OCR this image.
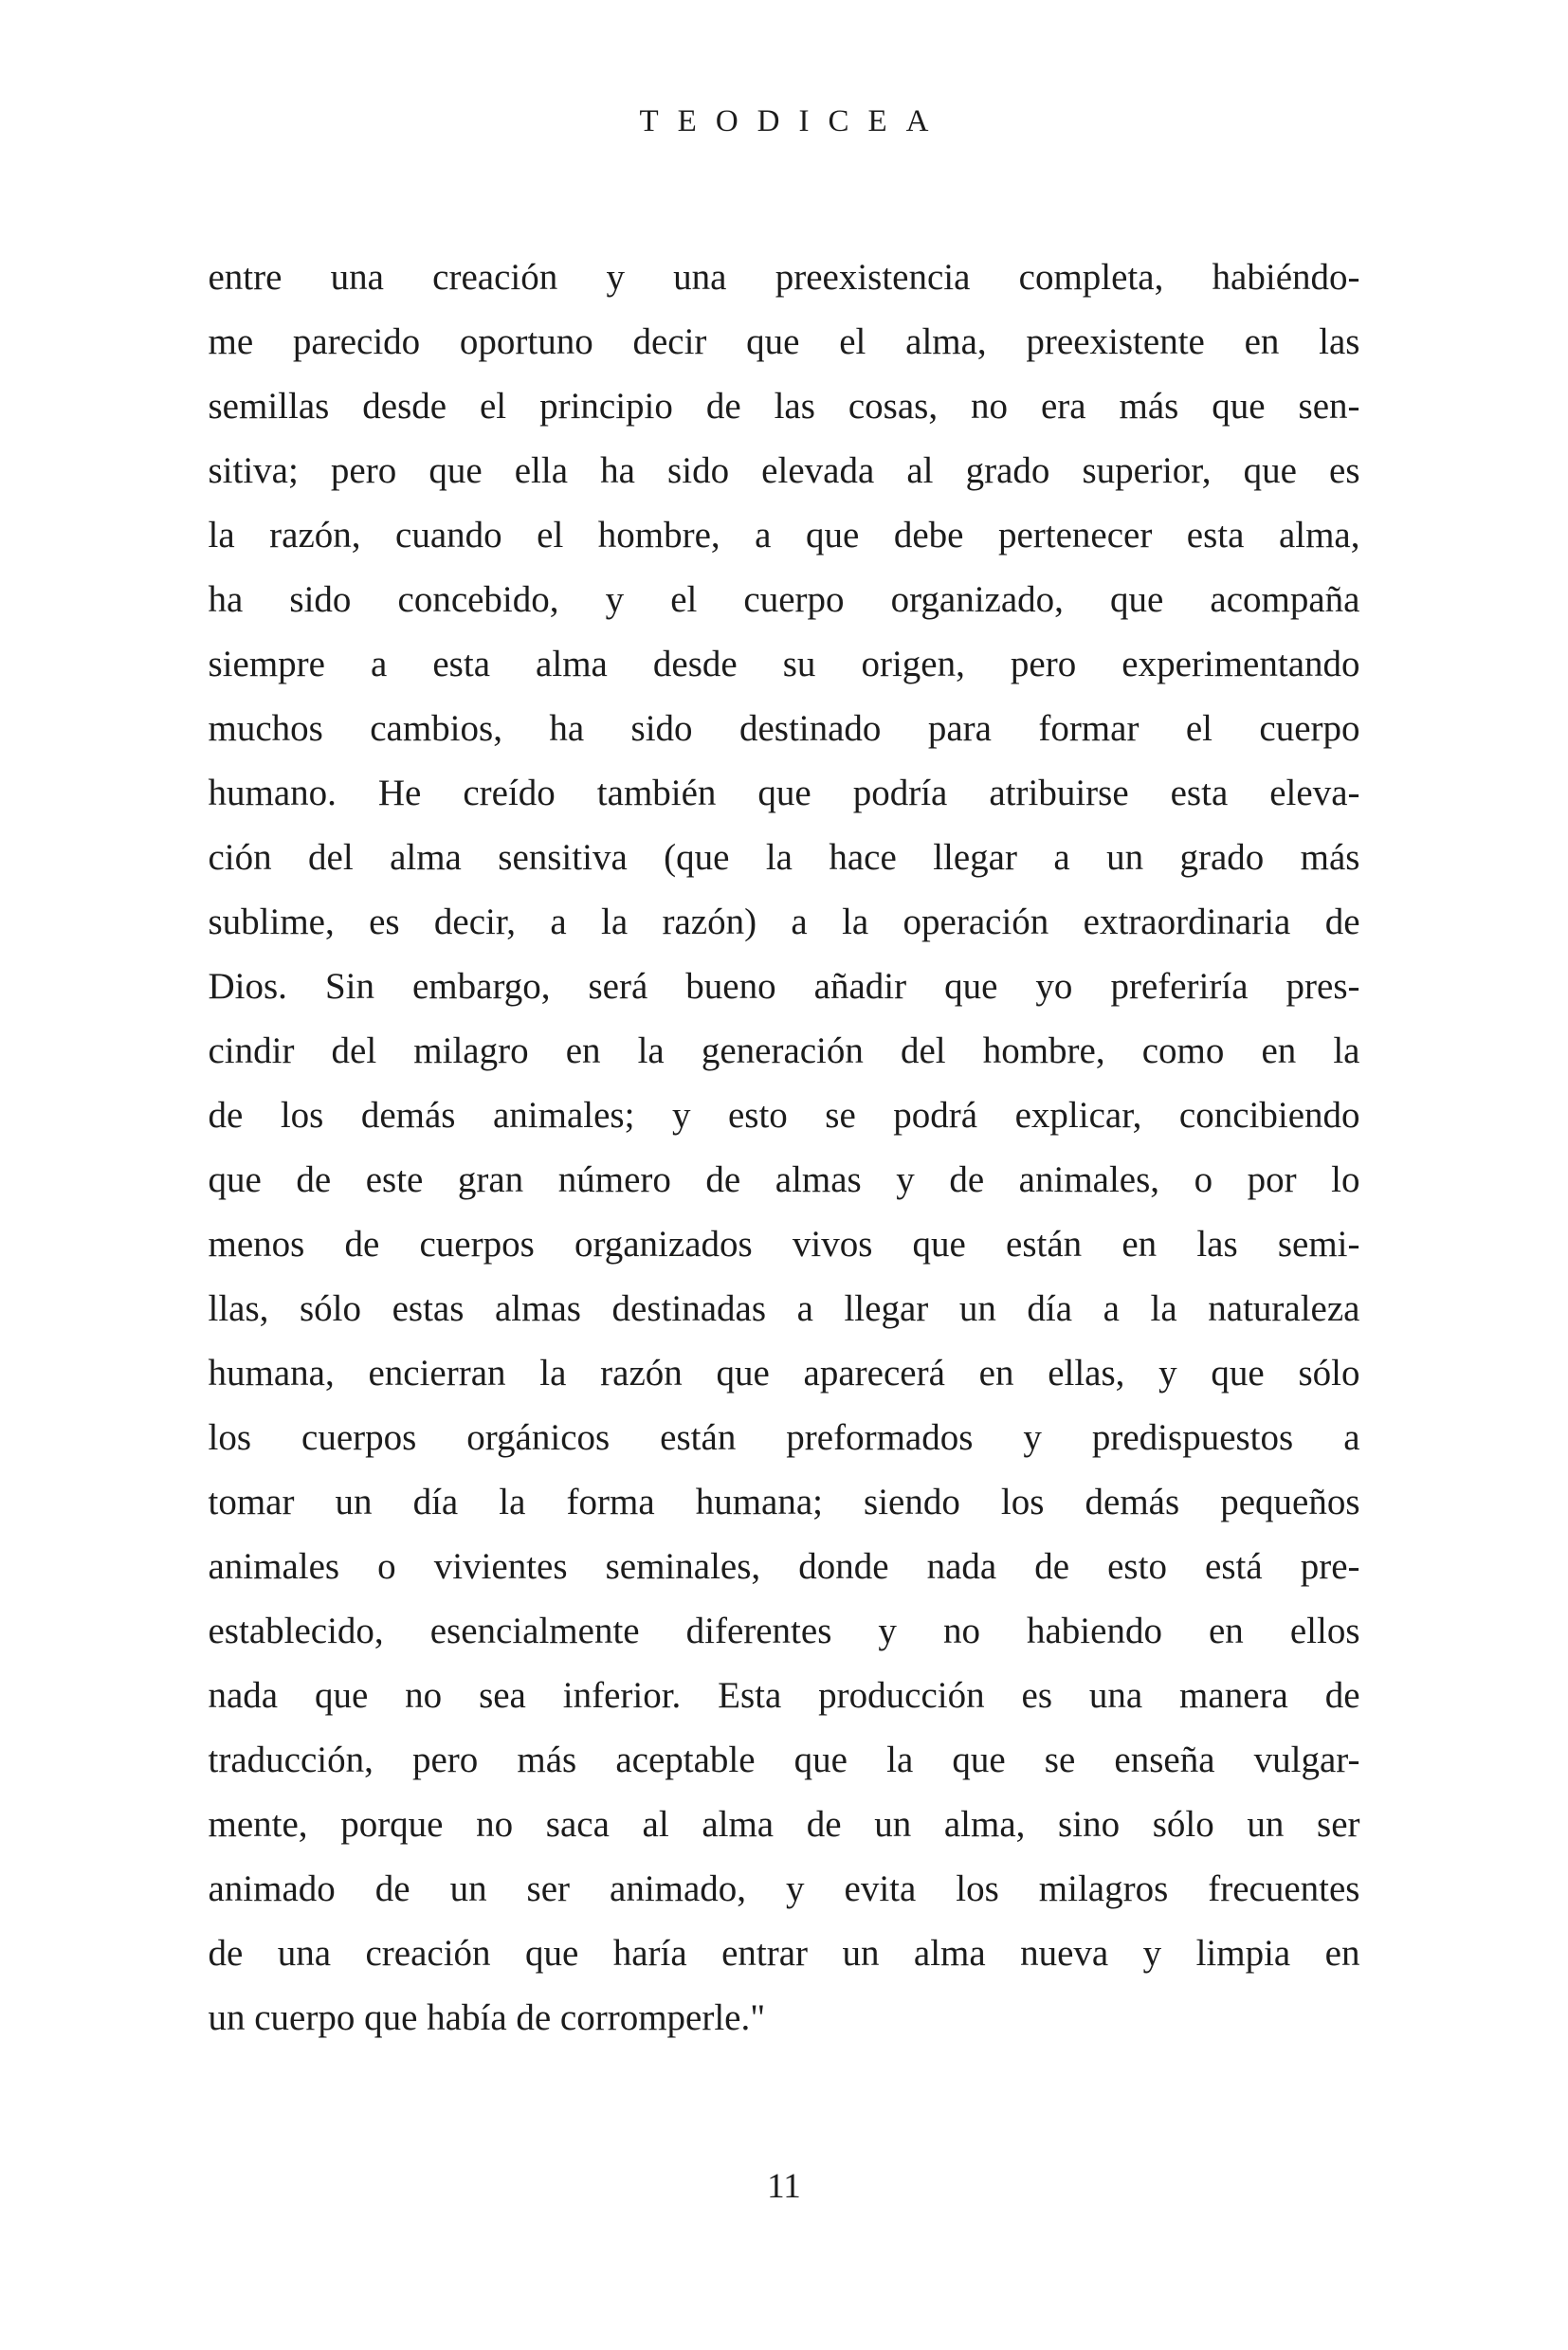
TEODICEA
entre una creación y una preexistencia completa, habiéndo-
me parecido oportuno decir que el alma, preexistente en las
semillas desde el principio de las cosas, no era más que sen-
sitiva; pero que ella ha sido elevada al grado superior, que es
la razón, cuando el hombre, a que debe pertenecer esta alma,
ha sido concebido, y el cuerpo organizado, que acompaña
siempre a esta alma desde su origen, pero experimentando
muchos cambios, ha sido destinado para formar el cuerpo
humano. He creído también que podría atribuirse esta eleva-
ción del alma sensitiva (que la hace llegar a un grado más
sublime, es decir, a la razón) a la operación extraordinaria de
Dios. Sin embargo, será bueno añadir que yo preferiría pres-
cindir del milagro en la generación del hombre, como en la
de los demás animales; y esto se podrá explicar, concibiendo
que de este gran número de almas y de animales, o por lo
menos de cuerpos organizados vivos que están en las semi-
llas, sólo estas almas destinadas a llegar un día a la naturaleza
humana, encierran la razón que aparecerá en ellas, y que sólo
los cuerpos orgánicos están preformados y predispuestos a
tomar un día la forma humana; siendo los demás pequeños
animales o vivientes seminales, donde nada de esto está pre-
establecido, esencialmente diferentes y no habiendo en ellos
nada que no sea inferior. Esta producción es una manera de
traducción, pero más aceptable que la que se enseña vulgar-
mente, porque no saca al alma de un alma, sino sólo un ser
animado de un ser animado, y evita los milagros frecuentes
de una creación que haría entrar un alma nueva y limpia en
un cuerpo que había de corromperle."
11
